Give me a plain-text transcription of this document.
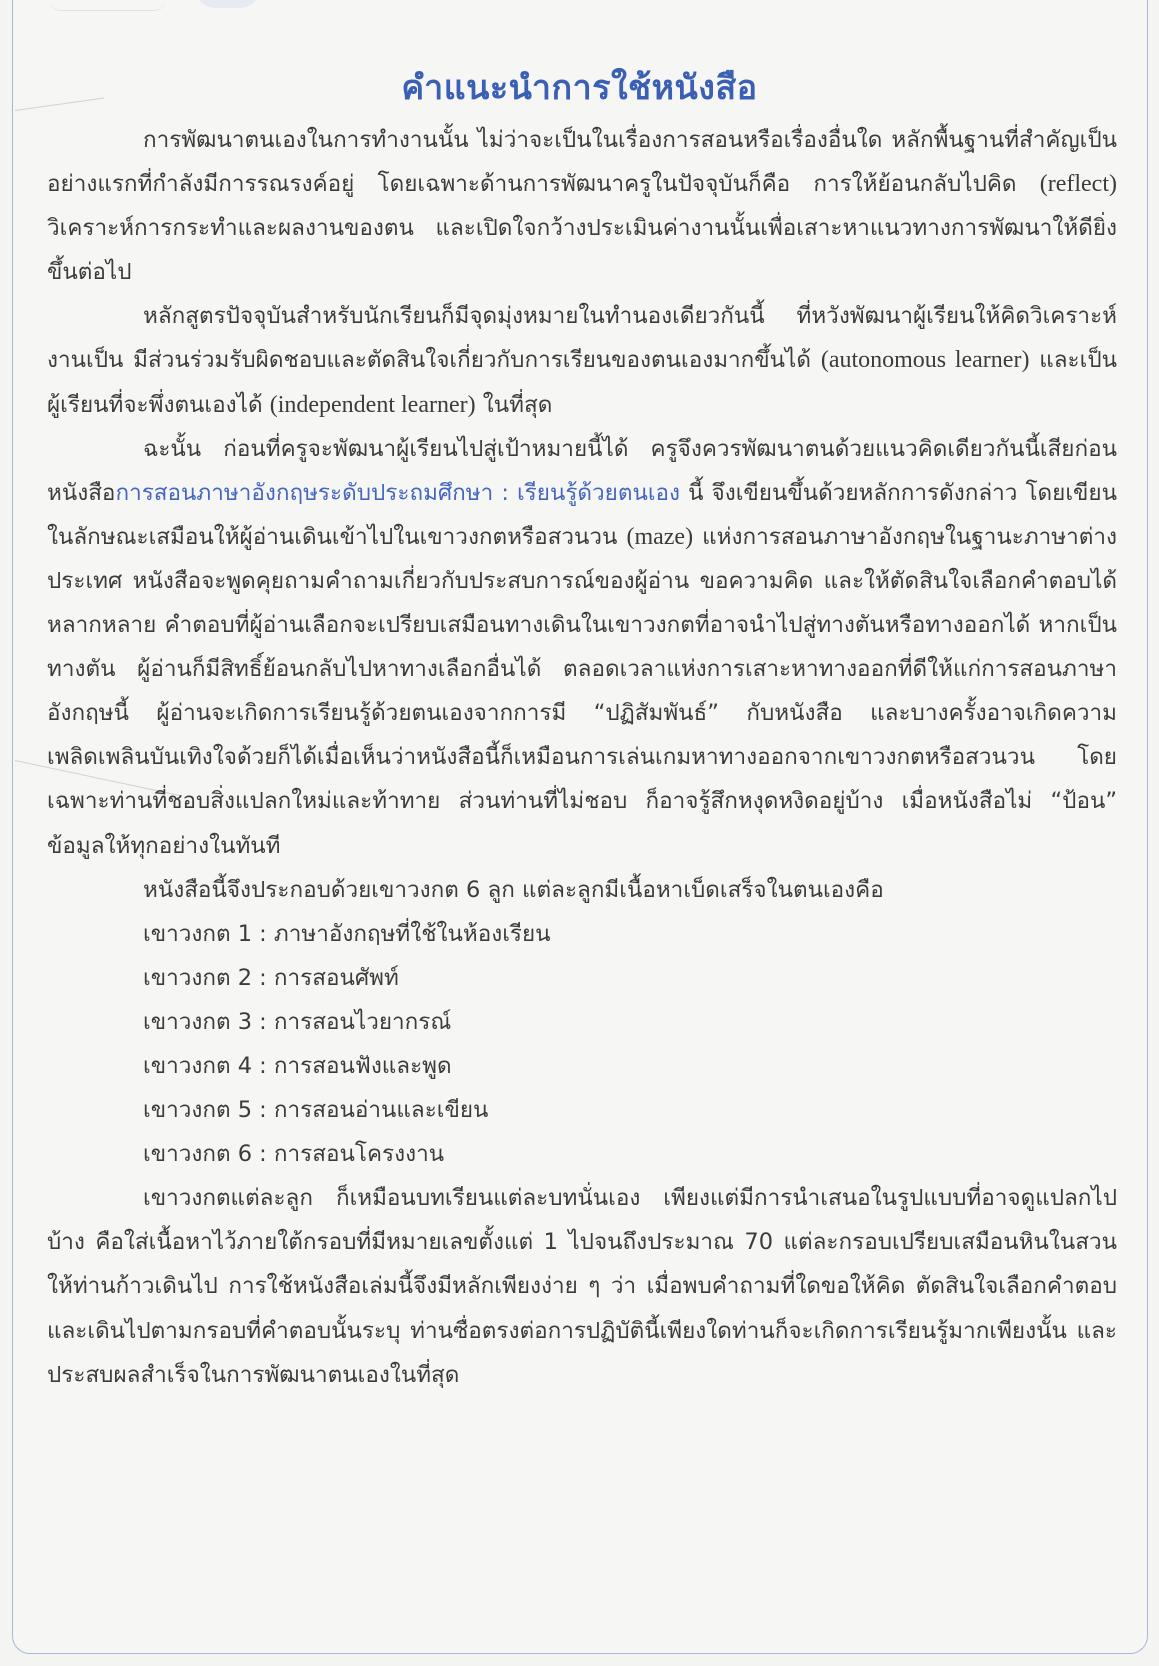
คำแนะนำการใช้หนังสือ

การพัฒนาตนเองในการทำงานนั้น ไม่ว่าจะเป็นในเรื่องการสอนหรือเรื่องอื่นใด หลักพื้นฐานที่สำคัญเป็นอย่างแรกที่กำลังมีการรณรงค์อยู่ โดยเฉพาะด้านการพัฒนาครูในปัจจุบันก็คือ การให้ย้อนกลับไปคิด (reflect) วิเคราะห์การกระทำและผลงานของตน และเปิดใจกว้างประเมินค่างานนั้นเพื่อเสาะหาแนวทางการพัฒนาให้ดียิ่งขึ้นต่อไป

หลักสูตรปัจจุบันสำหรับนักเรียนก็มีจุดมุ่งหมายในทำนองเดียวกันนี้ ที่หวังพัฒนาผู้เรียนให้คิดวิเคราะห์งานเป็น มีส่วนร่วมรับผิดชอบและตัดสินใจเกี่ยวกับการเรียนของตนเองมากขึ้นได้ (autonomous learner) และเป็นผู้เรียนที่จะพึ่งตนเองได้ (independent learner) ในที่สุด

ฉะนั้น ก่อนที่ครูจะพัฒนาผู้เรียนไปสู่เป้าหมายนี้ได้ ครูจึงควรพัฒนาตนด้วยแนวคิดเดียวกันนี้เสียก่อน หนังสือการสอนภาษาอังกฤษระดับประถมศึกษา : เรียนรู้ด้วยตนเอง นี้ จึงเขียนขึ้นด้วยหลักการดังกล่าว โดยเขียนในลักษณะเสมือนให้ผู้อ่านเดินเข้าไปในเขาวงกตหรือสวนวน (maze) แห่งการสอนภาษาอังกฤษในฐานะภาษาต่างประเทศ หนังสือจะพูดคุยถามคำถามเกี่ยวกับประสบการณ์ของผู้อ่าน ขอความคิด และให้ตัดสินใจเลือกคำตอบได้หลากหลาย คำตอบที่ผู้อ่านเลือกจะเปรียบเสมือนทางเดินในเขาวงกตที่อาจนำไปสู่ทางตันหรือทางออกได้ หากเป็นทางตัน ผู้อ่านก็มีสิทธิ์ย้อนกลับไปหาทางเลือกอื่นได้ ตลอดเวลาแห่งการเสาะหาทางออกที่ดีให้แก่การสอนภาษาอังกฤษนี้ ผู้อ่านจะเกิดการเรียนรู้ด้วยตนเองจากการมี “ปฏิสัมพันธ์” กับหนังสือ และบางครั้งอาจเกิดความเพลิดเพลินบันเทิงใจด้วยก็ได้เมื่อเห็นว่าหนังสือนี้ก็เหมือนการเล่นเกมหาทางออกจากเขาวงกตหรือสวนวน โดยเฉพาะท่านที่ชอบสิ่งแปลกใหม่และท้าทาย ส่วนท่านที่ไม่ชอบ ก็อาจรู้สึกหงุดหงิดอยู่บ้าง เมื่อหนังสือไม่ “ป้อน” ข้อมูลให้ทุกอย่างในทันที

หนังสือนี้จึงประกอบด้วยเขาวงกต 6 ลูก แต่ละลูกมีเนื้อหาเบ็ดเสร็จในตนเองคือ

เขาวงกต 1 : ภาษาอังกฤษที่ใช้ในห้องเรียน
เขาวงกต 2 : การสอนศัพท์
เขาวงกต 3 : การสอนไวยากรณ์
เขาวงกต 4 : การสอนฟังและพูด
เขาวงกต 5 : การสอนอ่านและเขียน
เขาวงกต 6 : การสอนโครงงาน

เขาวงกตแต่ละลูก ก็เหมือนบทเรียนแต่ละบทนั่นเอง เพียงแต่มีการนำเสนอในรูปแบบที่อาจดูแปลกไปบ้าง คือใส่เนื้อหาไว้ภายใต้กรอบที่มีหมายเลขตั้งแต่ 1 ไปจนถึงประมาณ 70 แต่ละกรอบเปรียบเสมือนหินในสวนให้ท่านก้าวเดินไป การใช้หนังสือเล่มนี้จึงมีหลักเพียงง่าย ๆ ว่า เมื่อพบคำถามที่ใดขอให้คิด ตัดสินใจเลือกคำตอบ และเดินไปตามกรอบที่คำตอบนั้นระบุ ท่านซื่อตรงต่อการปฏิบัตินี้เพียงใดท่านก็จะเกิดการเรียนรู้มากเพียงนั้น และประสบผลสำเร็จในการพัฒนาตนเองในที่สุด
